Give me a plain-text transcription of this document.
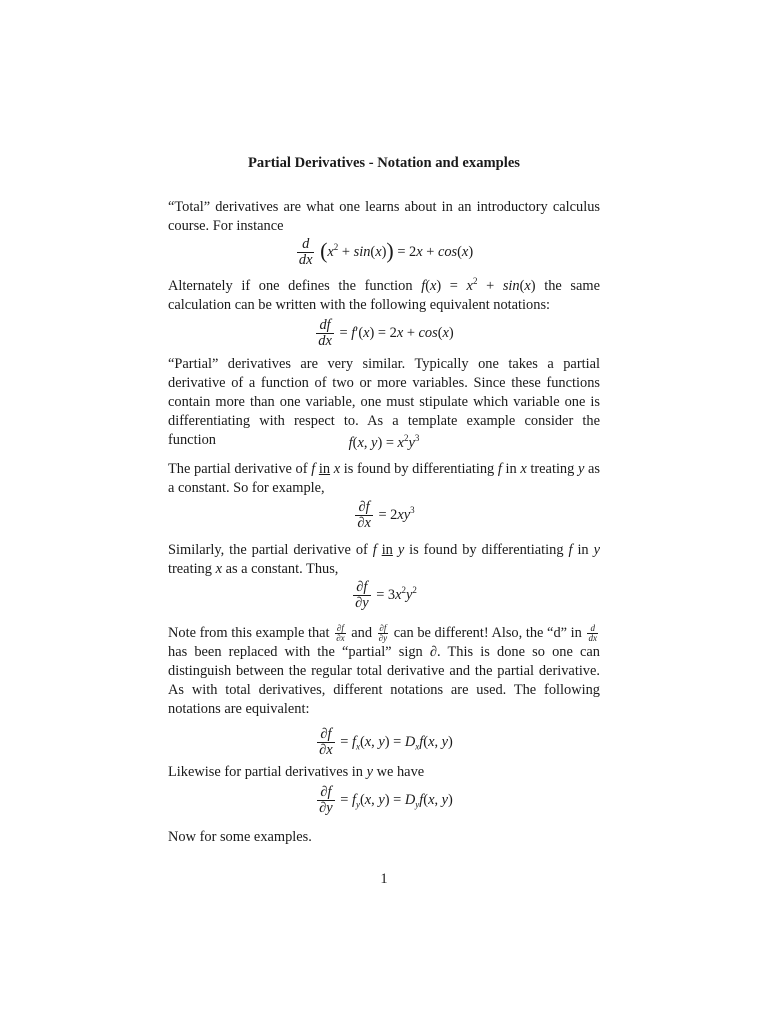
Partial Derivatives - Notation and examples

“Total” derivatives are what one learns about in an introductory calculus course. For instance

$\frac{d}{dx} (x^2 + \sin(x)) = 2x + \cos(x)$

Alternately if one defines the function $f(x) = x^2 + \sin(x)$ the same calculation can be written with the following equivalent notations:

$\frac{df}{dx} = f'(x) = 2x + \cos(x)$

“Partial” derivatives are very similar. Typically one takes a partial derivative of a function of two or more variables. Since these functions contain more than one variable, one must stipulate which variable one is differentiating with respect to. As a template example consider the function	f(x, $y) = x^2y^3$

The partial derivative of f in x is found by differentiating f in x treating y as a constant. So for example,

$\frac{\partial f}{\partial x} = 2xy^3$

Similarly, the partial derivative of f in y is found by differentiating f in y treating x as a constant. Thus,

$\frac{\partial f}{\partial y} = 3x^2y^2$

Note from this example that $\frac{\partial f}{\partial x}$ and $\frac{\partial f}{\partial y}$ can be different! Also, the “d” in $\frac{d}{dx}$
has been replaced with the “partial” sign ∂. This is done so one can distinguish between the regular total derivative and the partial derivative. As with total derivatives, different notations are used. The following notations are equivalent:

$\frac{\partial f}{\partial x} = f_x(x$, $y) = D_xf(x$, y)

Likewise for partial derivatives in y we have

$\frac{\partial f}{\partial y} = f_y(x$, $y) = D_yf(x$, y)

Now for some examples.

1
